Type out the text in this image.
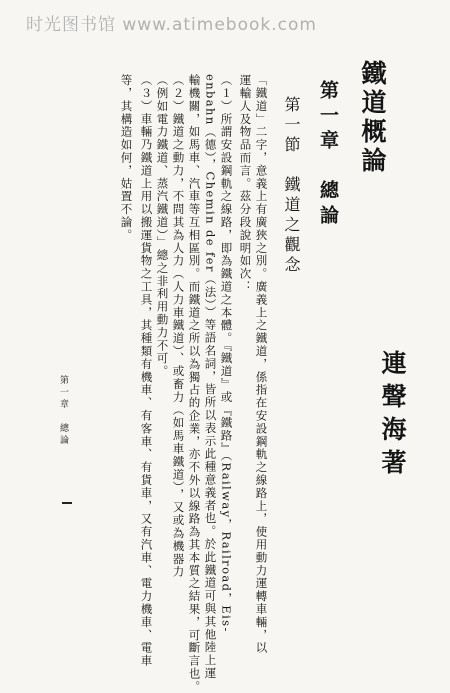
时光图书馆 www.atimebook.com
鐵道概論
連聲海著
第一章　總論
第一節　鐵道之觀念
「鐵道」二字，意義上有廣狹之別。廣義上之鐵道，係指在安設鋼軌之線路上，使用動力運轉車輛，以
運輸人及物品而言。茲分段說明如次：
（１）所謂安設鋼軌之線路，即為鐵道之本體。『鐵道』或『鐵路』（Railway，Railroad，Eis-
enbahn（德），Chemin de fer（法））等語名詞，皆所以表示此種意義者也。於此鐵道可與其他陸上運
輸機關，如馬車、汽車等互相區別。而鐵道之所以為獨占的企業，亦不外以線路為其本質之結果，可斷言也。
（２）鐵道之動力，不問其為人力（人力車鐵道）、或畜力（如馬車鐵道），又或為機器力
（例如電力鐵道、蒸汽鐵道）」總之非利用動力不可。
（３）車輛乃鐵道上用以搬運貨物之工具，其種類有機車、有客車、有貨車，又有汽車、電力機車、電車
等，其構造如何，姑置不論。
第一章　總論
